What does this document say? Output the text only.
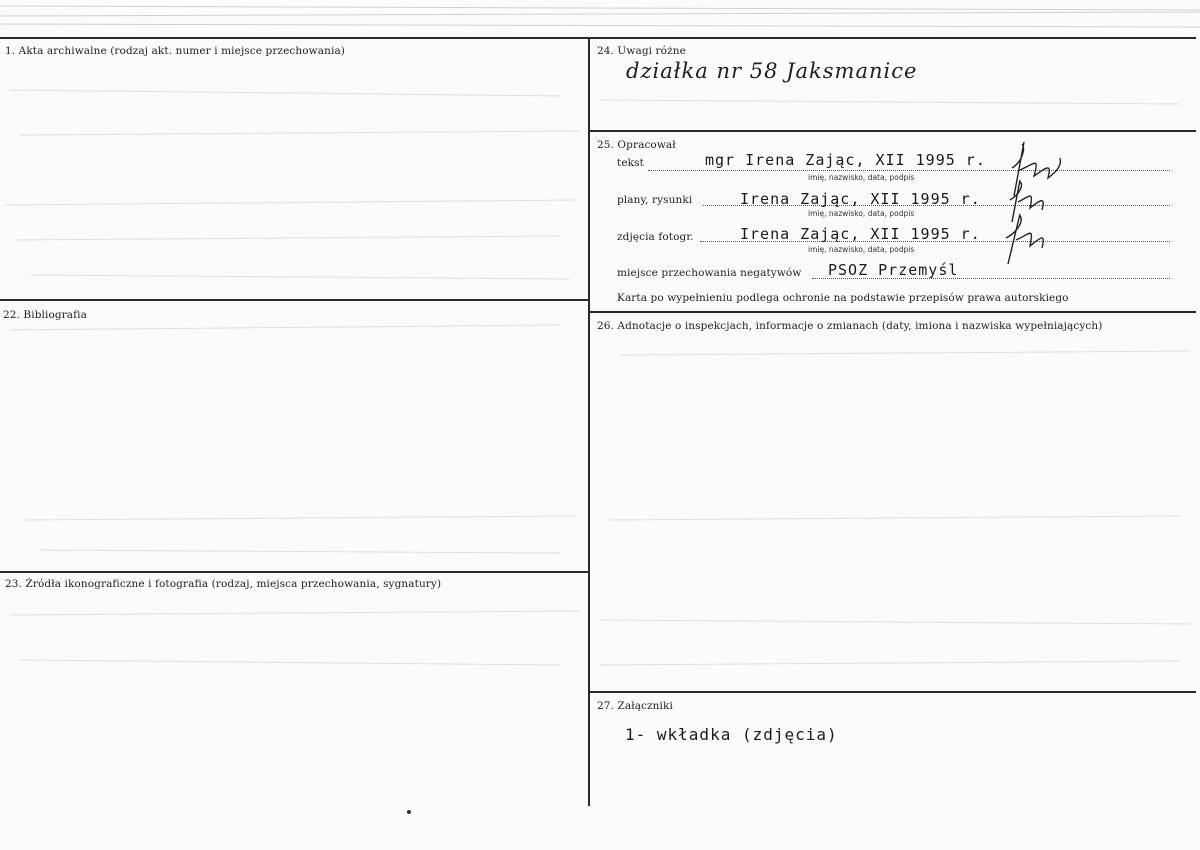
1. Akta archiwalne (rodzaj akt. numer i miejsce przechowania)
22. Bibliografia
23. Źródła ikonograficzne i fotografia (rodzaj, miejsca przechowania, sygnatury)
24. Uwagi różne
działka nr 58 Jaksmanice
25. Opracował
tekst	mgr Irena Zając, XII 1995 r.
imię, nazwisko, data, podpis
plany, rysunki	Irena Zając, XII 1995 r.
imię, nazwisko, data, podpis
zdjęcia fotogr.	Irena Zając, XII 1995 r.
imię, nazwisko, data, podpis
miejsce przechowania negatywów PSOZ Przemyśl
Karta po wypełnieniu podlega ochronie na podstawie przepisów prawa autorskiego
26. Adnotacje o inspekcjach, informacje o zmianach (daty, imiona i nazwiska wypełniających)
27. Załączniki
1- wkładka (zdjęcia)
